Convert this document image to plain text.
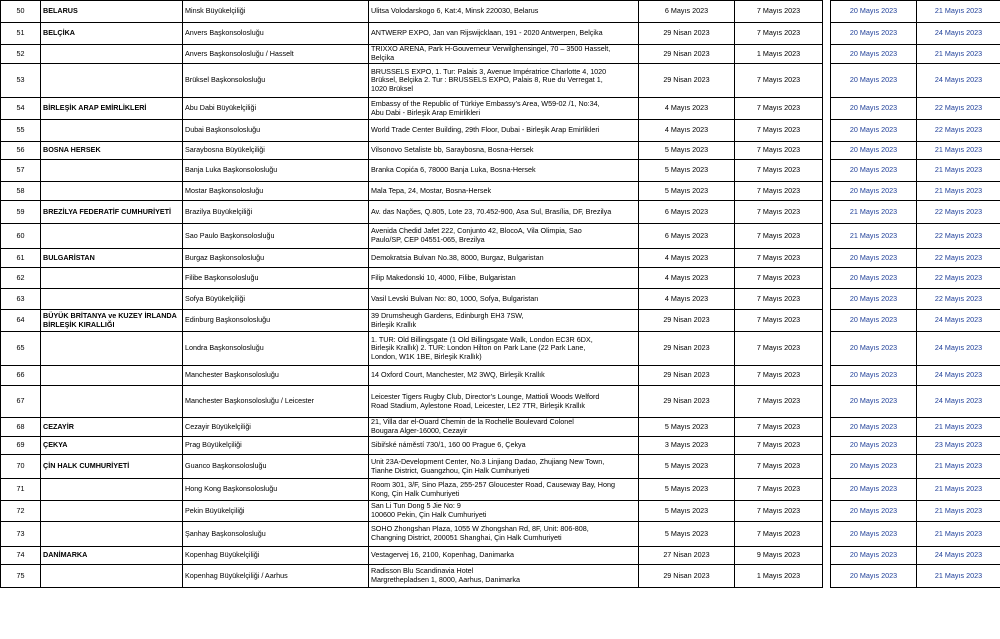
50	BELARUS	Minsk Büyükelçiliği	Ulitsa Volodarskogo 6, Kat:4, Minsk 220030, Belarus	6 Mayıs 2023	7 Mayıs 2023		20 Mayıs 2023	21 Mayıs 2023
51	BELÇİKA	Anvers Başkonsolosluğu	ANTWERP EXPO, Jan van Rijswijcklaan, 191 - 2020 Antwerpen, Belçika	29 Nisan 2023	7 Mayıs 2023		20 Mayıs 2023	24 Mayıs 2023
52		Anvers Başkonsolosluğu / Hasselt	TRIXXO ARENA, Park H-Gouverneur Verwilghensingel, 70 – 3500 Hasselt,
Belçika	29 Nisan 2023	1 Mayıs 2023		20 Mayıs 2023	21 Mayıs 2023
53		Brüksel Başkonsolosluğu	BRUSSELS EXPO, 1. Tur: Palais 3, Avenue Impératrice Charlotte 4, 1020
Brüksel, Belçika 2. Tur : BRUSSELS EXPO, Palais 8, Rue du Verregat 1,
1020 Brüksel	29 Nisan 2023	7 Mayıs 2023		20 Mayıs 2023	24 Mayıs 2023
54	BİRLEŞİK ARAP EMİRLİKLERİ	Abu Dabi Büyükelçiliği	Embassy of the Republic of Türkiye Embassy’s Area, W59-02 /1, No:34,
Abu Dabi - Birleşik Arap Emirlikleri	4 Mayıs 2023	7 Mayıs 2023		20 Mayıs 2023	22 Mayıs 2023
55		Dubai Başkonsolosluğu	World Trade Center Building, 29th Floor, Dubai - Birleşik Arap Emirlikleri	4 Mayıs 2023	7 Mayıs 2023		20 Mayıs 2023	22 Mayıs 2023
56	BOSNA HERSEK	Saraybosna Büyükelçiliği	Vilsonovo Setaliste bb, Saraybosna, Bosna-Hersek	5 Mayıs 2023	7 Mayıs 2023		20 Mayıs 2023	21 Mayıs 2023
57		Banja Luka Başkonsolosluğu	Branka Copića 6, 78000 Banja Luka, Bosna-Hersek	5 Mayıs 2023	7 Mayıs 2023		20 Mayıs 2023	21 Mayıs 2023
58		Mostar Başkonsolosluğu	Mala Tepa, 24, Mostar, Bosna-Hersek	5 Mayıs 2023	7 Mayıs 2023		20 Mayıs 2023	21 Mayıs 2023
59	BREZİLYA FEDERATİF CUMHURİYETİ	Brazilya Büyükelçiliği	Av. das Nações, Q.805, Lote 23, 70.452-900, Asa Sul, Brasília, DF, Brezilya	6 Mayıs 2023	7 Mayıs 2023		21 Mayıs 2023	22 Mayıs 2023
60		Sao Paulo Başkonsolosluğu	Avenida Chedid Jafet 222, Conjunto 42, BlocoA, Vila Olimpia, Sao
Paulo/SP, CEP 04551-065, Brezilya	6 Mayıs 2023	7 Mayıs 2023		21 Mayıs 2023	22 Mayıs 2023
61	BULGARİSTAN	Burgaz Başkonsolosluğu	Demokratsia Bulvarı No.38, 8000, Burgaz, Bulgaristan	4 Mayıs 2023	7 Mayıs 2023		20 Mayıs 2023	22 Mayıs 2023
62		Filibe Başkonsolosluğu	Filip Makedonski 10, 4000, Filibe, Bulgaristan	4 Mayıs 2023	7 Mayıs 2023		20 Mayıs 2023	22 Mayıs 2023
63		Sofya Büyükelçiliği	Vasil Levski Bulvarı No: 80, 1000, Sofya, Bulgaristan	4 Mayıs 2023	7 Mayıs 2023		20 Mayıs 2023	22 Mayıs 2023
64	BÜYÜK BRİTANYA ve KUZEY İRLANDA BİRLEŞİK KIRALLIĞI	Edinburg Başkonsolosluğu	39 Drumsheugh Gardens, Edinburgh EH3 7SW,
Birleşik Krallık	29 Nisan 2023	7 Mayıs 2023		20 Mayıs 2023	24 Mayıs 2023
65		Londra Başkonsolosluğu	1. TUR: Old Billingsgate (1 Old Billingsgate Walk, London EC3R 6DX,
Birleşik Krallık) 2. TUR: London Hilton on Park Lane (22 Park Lane,
London, W1K 1BE, Birleşik Krallık)	29 Nisan 2023	7 Mayıs 2023		20 Mayıs 2023	24 Mayıs 2023
66		Manchester Başkonsolosluğu	14 Oxford Court, Manchester, M2 3WQ, Birleşik Krallık	29 Nisan 2023	7 Mayıs 2023		20 Mayıs 2023	24 Mayıs 2023
67		Manchester Başkonsolosluğu / Leicester	Leicester Tigers Rugby Club, Director’s Lounge, Mattioli Woods Welford
Road Stadium, Aylestone Road, Leicester, LE2 7TR, Birleşik Krallık	29 Nisan 2023	7 Mayıs 2023		20 Mayıs 2023	24 Mayıs 2023
68	CEZAYİR	Cezayir Büyükelçiliği	21, Villa dar el-Ouard Chemin de la Rochelle Boulevard Colonel
Bougara Alger-16000, Cezayir	5 Mayıs 2023	7 Mayıs 2023		20 Mayıs 2023	21 Mayıs 2023
69	ÇEKYA	Prag Büyükelçiliği	Sibiřské náměstí 730/1, 160 00 Prague 6, Çekya	3 Mayıs 2023	7 Mayıs 2023		20 Mayıs 2023	23 Mayıs 2023
70	ÇİN HALK CUMHURİYETİ	Guanco Başkonsolosluğu	Unit 23A-Development Center, No.3 Linjiang Dadao, Zhujiang New Town,
Tianhe District, Guangzhou, Çin Halk Cumhuriyeti	5 Mayıs 2023	7 Mayıs 2023		20 Mayıs 2023	21 Mayıs 2023
71		Hong Kong Başkonsolosluğu	Room 301, 3/F, Sino Plaza, 255-257 Gloucester Road, Causeway Bay, Hong
Kong, Çin Halk Cumhuriyeti	5 Mayıs 2023	7 Mayıs 2023		20 Mayıs 2023	21 Mayıs 2023
72		Pekin Büyükelçiliği	San Li Tun Dong 5 Jie No: 9
100600 Pekin, Çin Halk Cumhuriyeti	5 Mayıs 2023	7 Mayıs 2023		20 Mayıs 2023	21 Mayıs 2023
73		Şanhay Başkonsolosluğu	SOHO Zhongshan Plaza, 1055 W Zhongshan Rd, 8F, Unit: 806-808,
Changning District, 200051 Shanghai, Çin Halk Cumhuriyeti	5 Mayıs 2023	7 Mayıs 2023		20 Mayıs 2023	21 Mayıs 2023
74	DANİMARKA	Kopenhag Büyükelçiliği	Vestagervej 16, 2100, Kopenhag, Danimarka	27 Nisan 2023	9 Mayıs 2023		20 Mayıs 2023	24 Mayıs 2023
75		Kopenhag Büyükelçiliği / Aarhus	Radisson Blu Scandinavia Hotel
Margrethepladsen 1, 8000, Aarhus, Danimarka	29 Nisan 2023	1 Mayıs 2023		20 Mayıs 2023	21 Mayıs 2023
